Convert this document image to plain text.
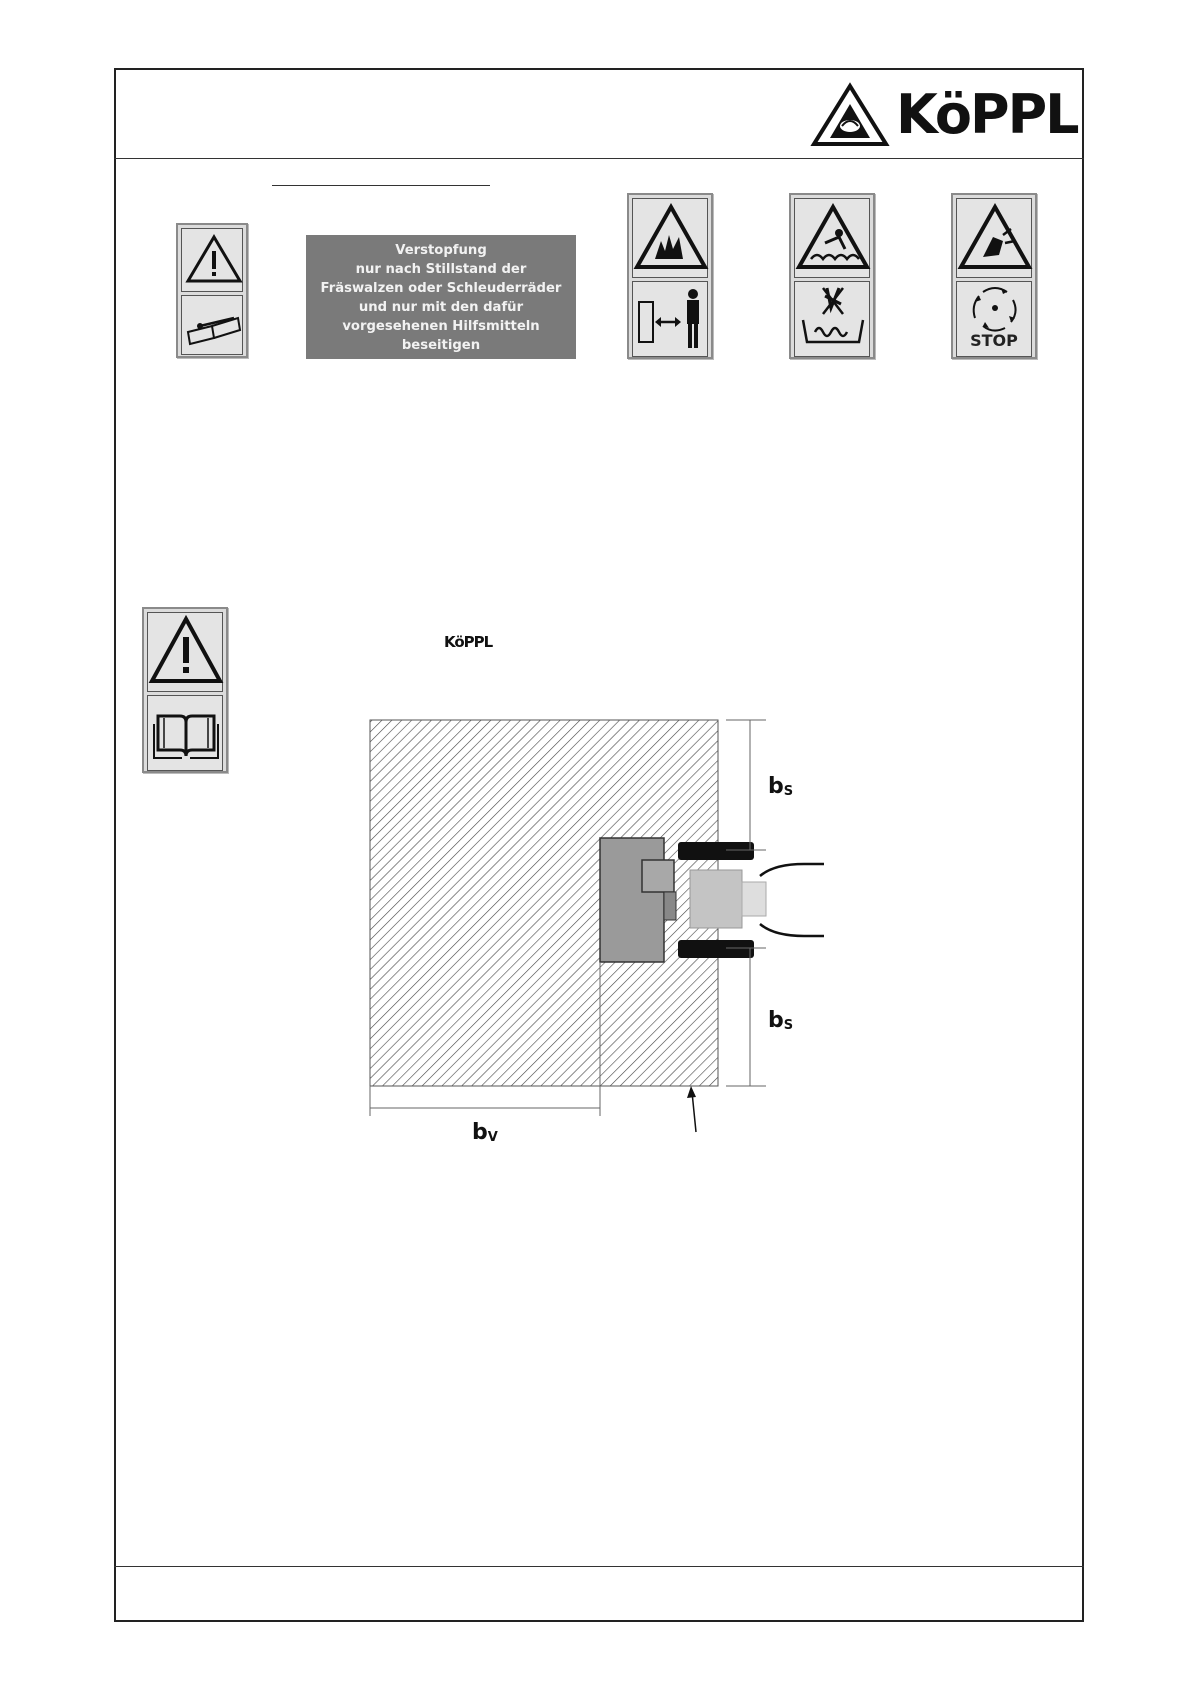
KöPPL
Verstopfung
nur nach Stillstand der
Fräswalzen oder Schleuderräder
und nur mit den dafür
vorgesehenen Hilfsmitteln
beseitigen	STOP
KöPPL
$b_S$
$b_S$
$b_V$
